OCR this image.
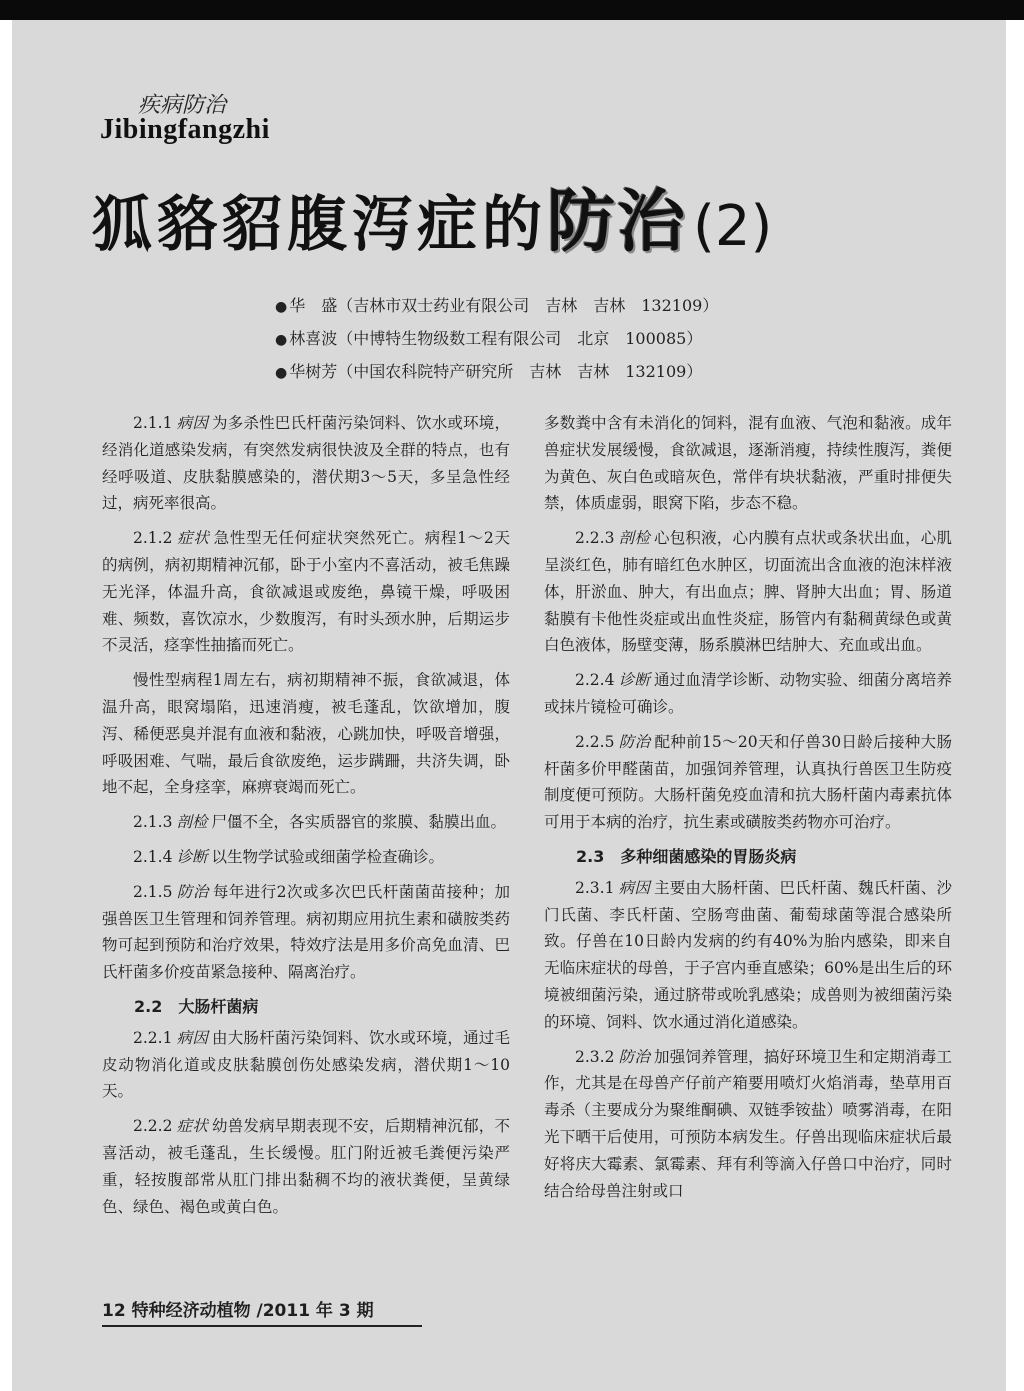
疾病防治
Jibingfangzhi
狐貉貂腹泻症的防治 (2)
● 华　盛（吉林市双士药业有限公司　吉林　吉林　132109）
● 林喜波（中博特生物级数工程有限公司　北京　100085）
● 华树芳（中国农科院特产研究所　吉林　吉林　132109）

2.1.1 病因 为多杀性巴氏杆菌污染饲料、饮水或环境，经消化道感染发病，有突然发病很快波及全群的特点，也有经呼吸道、皮肤黏膜感染的，潜伏期3～5天，多呈急性经过，病死率很高。

2.1.2 症状 急性型无任何症状突然死亡。病程1～2天的病例，病初期精神沉郁，卧于小室内不喜活动，被毛焦躁无光泽，体温升高，食欲减退或废绝，鼻镜干燥，呼吸困难、频数，喜饮凉水，少数腹泻，有时头颈水肿，后期运步不灵活，痉挛性抽搐而死亡。

慢性型病程1周左右，病初期精神不振，食欲减退，体温升高，眼窝塌陷，迅速消瘦，被毛蓬乱，饮欲增加，腹泻、稀便恶臭并混有血液和黏液，心跳加快，呼吸音增强，呼吸困难、气喘，最后食欲废绝，运步蹒跚，共济失调，卧地不起，全身痉挛，麻痹衰竭而死亡。

2.1.3 剖检 尸僵不全，各实质器官的浆膜、黏膜出血。

2.1.4 诊断 以生物学试验或细菌学检查确诊。

2.1.5 防治 每年进行2次或多次巴氏杆菌菌苗接种；加强兽医卫生管理和饲养管理。病初期应用抗生素和磺胺类药物可起到预防和治疗效果，特效疗法是用多价高免血清、巴氏杆菌多价疫苗紧急接种、隔离治疗。

2.2　大肠杆菌病

2.2.1 病因 由大肠杆菌污染饲料、饮水或环境，通过毛皮动物消化道或皮肤黏膜创伤处感染发病，潜伏期1～10天。

2.2.2 症状 幼兽发病早期表现不安，后期精神沉郁，不喜活动，被毛蓬乱，生长缓慢。肛门附近被毛粪便污染严重，轻按腹部常从肛门排出黏稠不均的液状粪便，呈黄绿色、绿色、褐色或黄白色。

多数粪中含有未消化的饲料，混有血液、气泡和黏液。成年兽症状发展缓慢，食欲减退，逐渐消瘦，持续性腹泻，粪便为黄色、灰白色或暗灰色，常伴有块状黏液，严重时排便失禁，体质虚弱，眼窝下陷，步态不稳。

2.2.3 剖检 心包积液，心内膜有点状或条状出血，心肌呈淡红色，肺有暗红色水肿区，切面流出含血液的泡沫样液体，肝淤血、肿大，有出血点；脾、肾肿大出血；胃、肠道黏膜有卡他性炎症或出血性炎症，肠管内有黏稠黄绿色或黄白色液体，肠壁变薄，肠系膜淋巴结肿大、充血或出血。

2.2.4 诊断 通过血清学诊断、动物实验、细菌分离培养或抹片镜检可确诊。

2.2.5 防治 配种前15～20天和仔兽30日龄后接种大肠杆菌多价甲醛菌苗，加强饲养管理，认真执行兽医卫生防疫制度便可预防。大肠杆菌免疫血清和抗大肠杆菌内毒素抗体可用于本病的治疗，抗生素或磺胺类药物亦可治疗。

2.3　多种细菌感染的胃肠炎病

2.3.1 病因 主要由大肠杆菌、巴氏杆菌、魏氏杆菌、沙门氏菌、李氏杆菌、空肠弯曲菌、葡萄球菌等混合感染所致。仔兽在10日龄内发病的约有40%为胎内感染，即来自无临床症状的母兽，于子宫内垂直感染；60%是出生后的环境被细菌污染，通过脐带或吮乳感染；成兽则为被细菌污染的环境、饲料、饮水通过消化道感染。

2.3.2 防治 加强饲养管理，搞好环境卫生和定期消毒工作，尤其是在母兽产仔前产箱要用喷灯火焰消毒，垫草用百毒杀（主要成分为聚维酮碘、双链季铵盐）喷雾消毒，在阳光下晒干后使用，可预防本病发生。仔兽出现临床症状后最好将庆大霉素、氯霉素、拜有利等滴入仔兽口中治疗，同时结合给母兽注射或口

12 特种经济动植物 /2011 年 3 期
